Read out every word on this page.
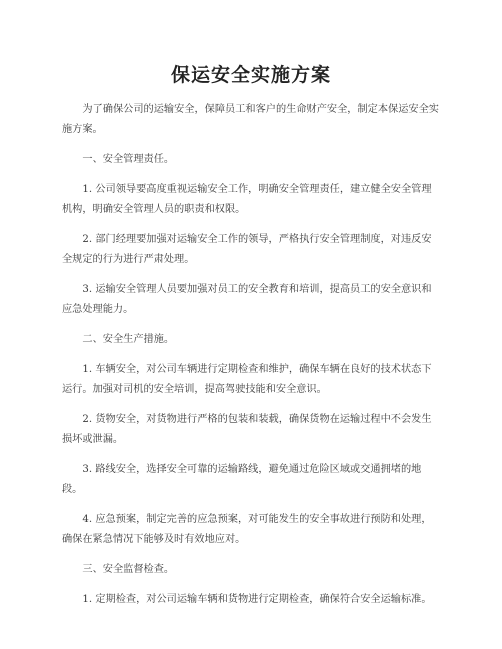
保运安全实施方案

为了确保公司的运输安全，保障员工和客户的生命财产安全，制定本保运安全实施方案。

一、安全管理责任。

1. 公司领导要高度重视运输安全工作，明确安全管理责任，建立健全安全管理机构，明确安全管理人员的职责和权限。

2. 部门经理要加强对运输安全工作的领导，严格执行安全管理制度，对违反安全规定的行为进行严肃处理。

3. 运输安全管理人员要加强对员工的安全教育和培训，提高员工的安全意识和应急处理能力。

二、安全生产措施。

1. 车辆安全，对公司车辆进行定期检查和维护，确保车辆在良好的技术状态下运行。加强对司机的安全培训，提高驾驶技能和安全意识。

2. 货物安全，对货物进行严格的包装和装载，确保货物在运输过程中不会发生损坏或泄漏。

3. 路线安全，选择安全可靠的运输路线，避免通过危险区域或交通拥堵的地段。

4. 应急预案，制定完善的应急预案，对可能发生的安全事故进行预防和处理，确保在紧急情况下能够及时有效地应对。

三、安全监督检查。

1. 定期检查，对公司运输车辆和货物进行定期检查，确保符合安全运输标准。
